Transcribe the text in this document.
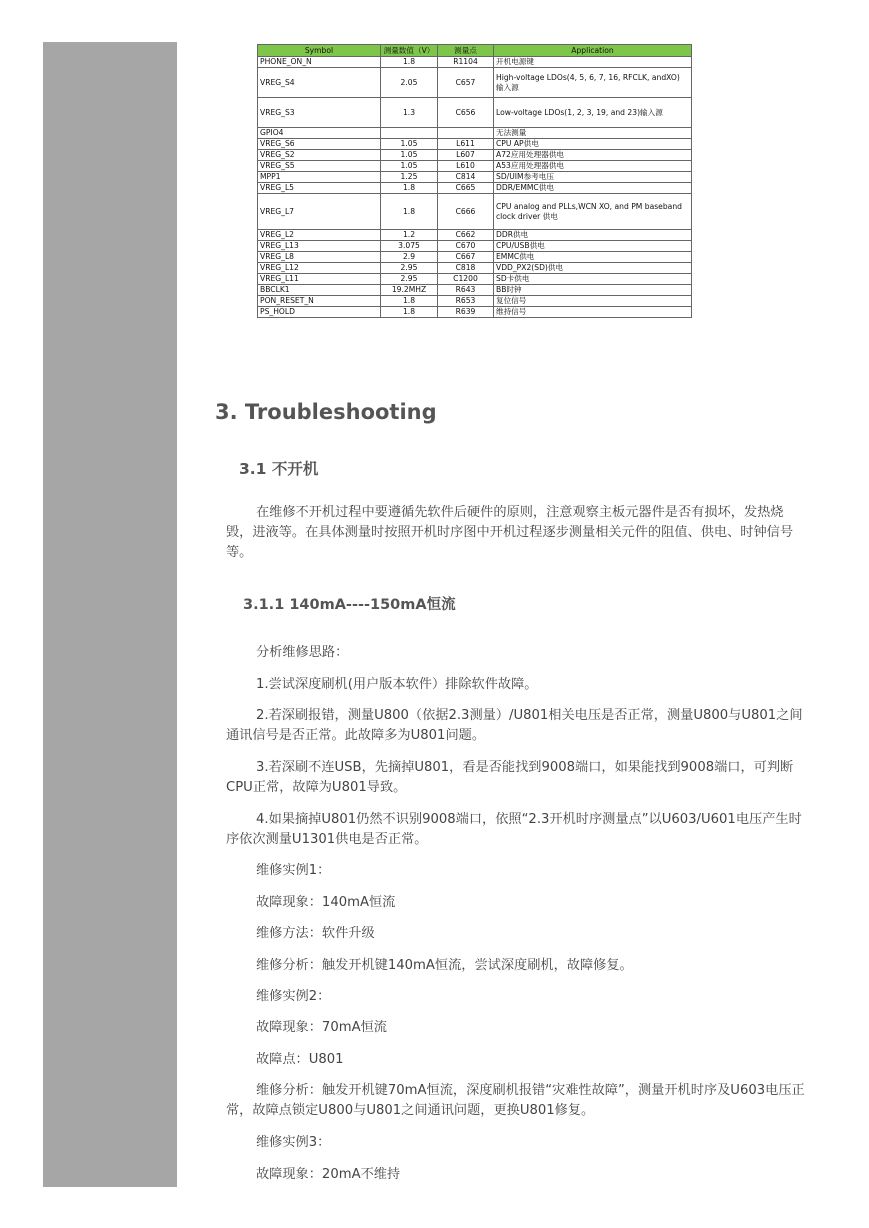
Symbol	测量数值（V）	测量点	Application
PHONE_ON_N	1.8	R1104	开机电源键
VREG_S4	2.05	C657	High-voltage LDOs(4, 5, 6, 7, 16, RFCLK, andXO) 输入源
VREG_S3	1.3	C656	Low-voltage LDOs(1, 2, 3, 19, and 23)输入源
GPIO4			无法测量
VREG_S6	1.05	L611	CPU AP供电
VREG_S2	1.05	L607	A72应用处理器供电
VREG_S5	1.05	L610	A53应用处理器供电
MPP1	1.25	C814	SD/UIM参考电压
VREG_L5	1.8	C665	DDR/EMMC供电
VREG_L7	1.8	C666	CPU analog and PLLs,WCN XO, and PM baseband clock driver 供电
VREG_L2	1.2	C662	DDR供电
VREG_L13	3.075	C670	CPU/USB供电
VREG_L8	2.9	C667	EMMC供电
VREG_L12	2.95	C818	VDD_PX2(SD)供电
VREG_L11	2.95	C1200	SD卡供电
BBCLK1	19.2MHZ	R643	BB时钟
PON_RESET_N	1.8	R653	复位信号
PS_HOLD	1.8	R639	维持信号
3. Troubleshooting
3.1 不开机

在维修不开机过程中要遵循先软件后硬件的原则，注意观察主板元器件是否有损坏，发热烧毁，进液等。在具体测量时按照开机时序图中开机过程逐步测量相关元件的阻值、供电、时钟信号等。

3.1.1 140mA----150mA恒流

分析维修思路：

1.尝试深度刷机(用户版本软件）排除软件故障。

2.若深刷报错，测量U800（依据2.3测量）/U801相关电压是否正常，测量U800与U801之间通讯信号是否正常。此故障多为U801问题。

3.若深刷不连USB，先摘掉U801，看是否能找到9008端口，如果能找到9008端口，可判断CPU正常，故障为U801导致。

4.如果摘掉U801仍然不识别9008端口，依照“2.3开机时序测量点”以U603/U601电压产生时序依次测量U1301供电是否正常。

维修实例1：

故障现象：140mA恒流

维修方法：软件升级

维修分析：触发开机键140mA恒流，尝试深度刷机，故障修复。

维修实例2：

故障现象：70mA恒流

故障点：U801

维修分析：触发开机键70mA恒流，深度刷机报错“灾难性故障”，测量开机时序及U603电压正常，故障点锁定U800与U801之间通讯问题，更换U801修复。

维修实例3：

故障现象：20mA不维持
